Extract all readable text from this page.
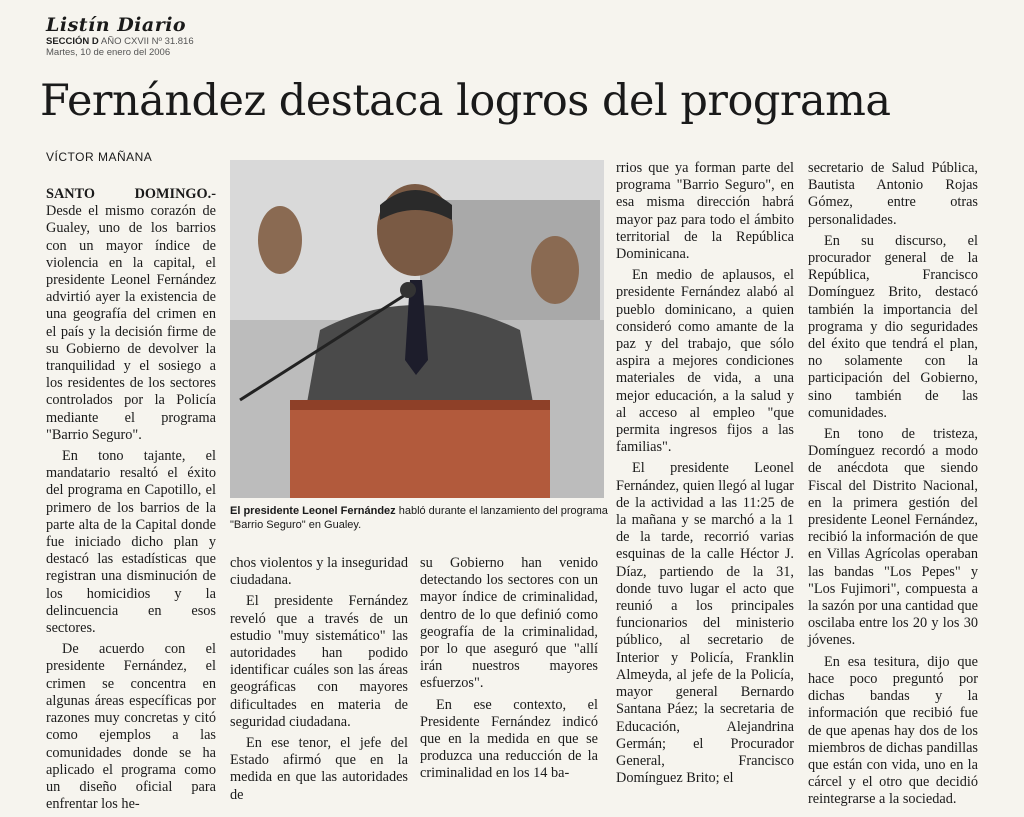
Listín Diario
SECCIÓN D AÑO CXVII Nº 31.816
Martes, 10 de enero del 2006
Fernández destaca logros del programa
VÍCTOR MAÑANA

SANTO DOMINGO.- Desde el mismo corazón de Gualey, uno de los barrios con un mayor índice de violencia en la capital, el presidente Leonel Fernández advirtió ayer la existencia de una geografía del crimen en el país y la decisión firme de su Gobierno de devolver la tranquilidad y el sosiego a los residentes de los sectores controlados por la Policía mediante el programa "Barrio Seguro".

En tono tajante, el mandatario resaltó el éxito del programa en Capotillo, el primero de los barrios de la parte alta de la Capital donde fue iniciado dicho plan y destacó las estadísticas que registran una disminución de los homicidios y la delincuencia en esos sectores.

De acuerdo con el presidente Fernández, el crimen se concentra en algunas áreas específicas por razones muy concretas y citó como ejemplos a las comunidades donde se ha aplicado el programa como un diseño oficial para enfrentar los he-

El presidente Leonel Fernández habló durante el lanzamiento del programa "Barrio Seguro" en Gualey.

chos violentos y la inseguridad ciudadana.

El presidente Fernández reveló que a través de un estudio "muy sistemático" las autoridades han podido identificar cuáles son las áreas geográficas con mayores dificultades en materia de seguridad ciudadana.

En ese tenor, el jefe del Estado afirmó que en la medida en que las autoridades de

su Gobierno han venido detectando los sectores con un mayor índice de criminalidad, dentro de lo que definió como geografía de la criminalidad, por lo que aseguró que "allí irán nuestros mayores esfuerzos".

En ese contexto, el Presidente Fernández indicó que en la medida en que se produzca una reducción de la criminalidad en los 14 ba-

rrios que ya forman parte del programa "Barrio Seguro", en esa misma dirección habrá mayor paz para todo el ámbito territorial de la República Dominicana.

En medio de aplausos, el presidente Fernández alabó al pueblo dominicano, a quien consideró como amante de la paz y del trabajo, que sólo aspira a mejores condiciones materiales de vida, a una mejor educación, a la salud y al acceso al empleo "que permita ingresos fijos a las familias".

El presidente Leonel Fernández, quien llegó al lugar de la actividad a las 11:25 de la mañana y se marchó a la 1 de la tarde, recorrió varias esquinas de la calle Héctor J. Díaz, partiendo de la 31, donde tuvo lugar el acto que reunió a los principales funcionarios del ministerio público, al secretario de Interior y Policía, Franklin Almeyda, al jefe de la Policía, mayor general Bernardo Santana Páez; la secretaria de Educación, Alejandrina Germán; el Procurador General, Francisco Domínguez Brito; el

secretario de Salud Pública, Bautista Antonio Rojas Gómez, entre otras personalidades.

En su discurso, el procurador general de la República, Francisco Domínguez Brito, destacó también la importancia del programa y dio seguridades del éxito que tendrá el plan, no solamente con la participación del Gobierno, sino también de las comunidades.

En tono de tristeza, Domínguez recordó a modo de anécdota que siendo Fiscal del Distrito Nacional, en la primera gestión del presidente Leonel Fernández, recibió la información de que en Villas Agrícolas operaban las bandas "Los Pepes" y "Los Fujimori", compuesta a la sazón por una cantidad que oscilaba entre los 20 y los 30 jóvenes.

En esa tesitura, dijo que hace poco preguntó por dichas bandas y la información que recibió fue de que apenas hay dos de los miembros de dichas pandillas que están con vida, uno en la cárcel y el otro que decidió reintegrarse a la sociedad.
